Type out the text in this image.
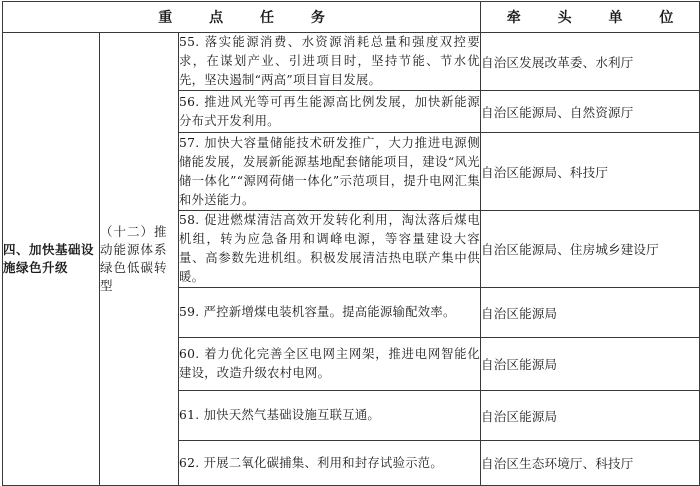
重 点 任 务			牵 头 单 位
四、加快基础设施绿色升级	（十二）推动能源体系绿色低碳转型	55. 落实能源消费、水资源消耗总量和强度双控要求，在谋划产业、引进项目时，坚持节能、节水优先，坚决遏制“两高”项目盲目发展。	自治区发展改革委、水利厅
		56. 推进风光等可再生能源高比例发展，加快新能源分布式开发利用。	自治区能源局、自然资源厅
		57. 加快大容量储能技术研发推广，大力推进电源侧储能发展，发展新能源基地配套储能项目，建设“风光储一体化”“源网荷储一体化”示范项目，提升电网汇集和外送能力。	自治区能源局、科技厅
		58. 促进燃煤清洁高效开发转化利用，淘汰落后煤电机组，转为应急备用和调峰电源，等容量建设大容量、高参数先进机组。积极发展清洁热电联产集中供暖。	自治区能源局、住房城乡建设厅
		59. 严控新增煤电装机容量。提高能源输配效率。	自治区能源局
		60. 着力优化完善全区电网主网架，推进电网智能化建设，改造升级农村电网。	自治区能源局
		61. 加快天然气基础设施互联互通。	自治区能源局
		62. 开展二氧化碳捕集、利用和封存试验示范。	自治区生态环境厅、科技厅
